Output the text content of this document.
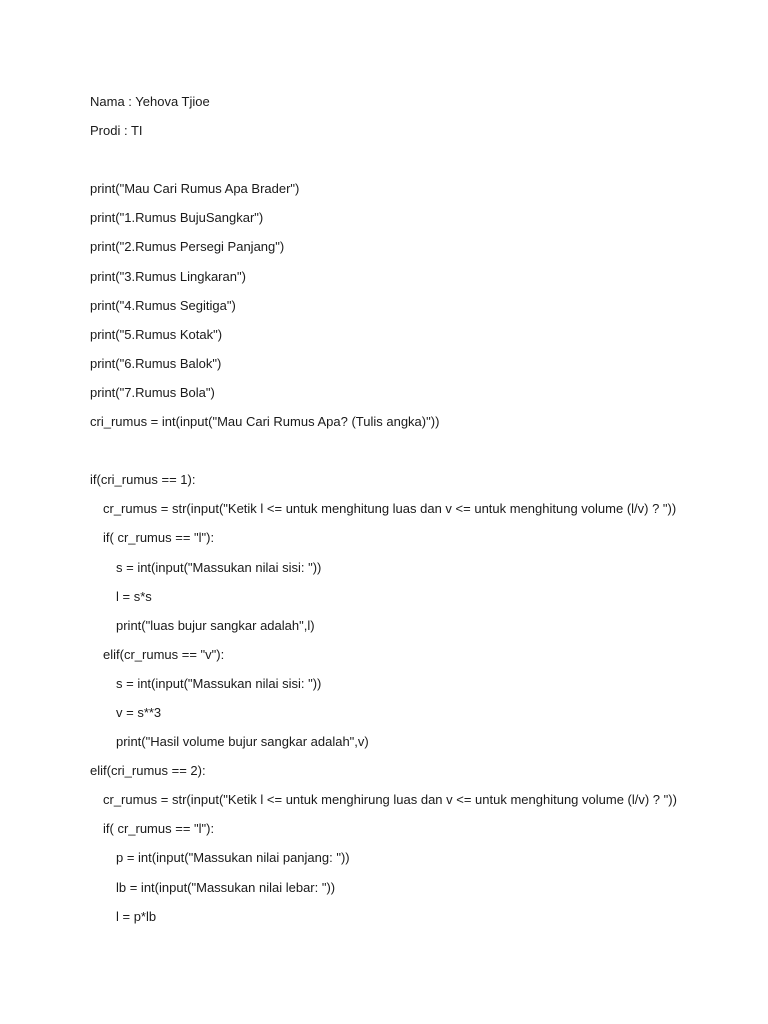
Nama : Yehova Tjioe
Prodi : TI
print("Mau Cari Rumus Apa Brader")
print("1.Rumus BujuSangkar")
print("2.Rumus Persegi Panjang")
print("3.Rumus Lingkaran")
print("4.Rumus Segitiga")
print("5.Rumus Kotak")
print("6.Rumus Balok")
print("7.Rumus Bola")
cri_rumus = int(input("Mau Cari Rumus Apa? (Tulis angka)"))
if(cri_rumus == 1):
cr_rumus = str(input("Ketik l <= untuk menghitung luas dan v <= untuk menghitung volume (l/v) ? "))
if( cr_rumus == "l"):
s = int(input("Massukan nilai sisi: "))
l = s*s
print("luas bujur sangkar adalah",l)
elif(cr_rumus == "v"):
s = int(input("Massukan nilai sisi: "))
v = s**3
print("Hasil volume bujur sangkar adalah",v)
elif(cri_rumus == 2):
cr_rumus = str(input("Ketik l <= untuk menghirung luas dan v <= untuk menghitung volume (l/v) ? "))
if( cr_rumus == "l"):
p = int(input("Massukan nilai panjang: "))
lb = int(input("Massukan nilai lebar: "))
l = p*lb
